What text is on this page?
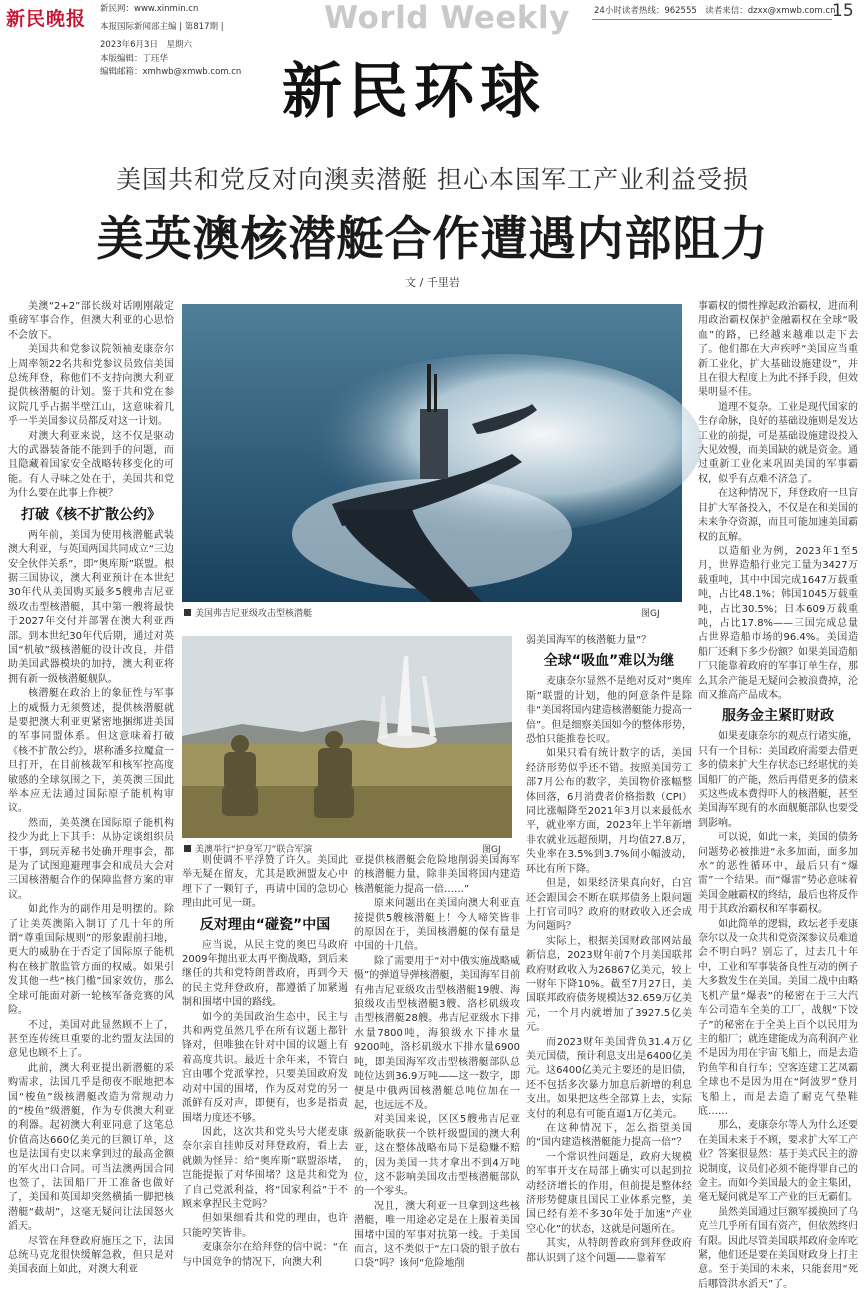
新民晚报	新民网：www.xinmin.cn
本报国际新闻部主编 | 第817期 |
2023年6月3日　星期六
本版编辑：丁珏华
编辑邮箱：xmhwb@xmwb.com.cn
World Weekly	24小时读者热线：962555　读者来信：dzxx@xmwb.com.cn
15
新民环球
美国共和党反对向澳卖潜艇 担心本国军工产业利益受损
美英澳核潜艇合作遭遇内部阻力
文 / 千里岩

美澳“2+2”部长级对话刚刚敲定重磅军事合作，但澳大利亚的心思恰不会放下。

美国共和党参议院领袖麦康奈尔上周率领22名共和党参议员致信美国总统拜登，称他们不支持向澳大利亚提供核潜艇的计划。鉴于共和党在参议院几乎占据半壁江山，这意味着几乎一半美国参议员都反对这一计划。

对澳大利亚来说，这不仅是驱动大的武器装备能不能到手的问题，而且隐藏着国家安全战略转移变化的可能。有人寻味之处在于，美国共和党为什么要在此事上作梗？

打破《核不扩散公约》

两年前，美国为使用核潜艇武装澳大利亚，与英国两国共同成立“三边安全伙伴关系”，即“奥库斯”联盟。根据三国协议，澳大利亚预计在本世纪30年代从美国购买最多5艘弗吉尼亚级攻击型核潜艇，其中第一艘将最快于2027年交付并部署在澳大利亚西部。到本世纪30年代后期，通过对英国“机敏”级核潜艇的设计改良，并借助美国武器模块的加持，澳大利亚将拥有新一级核潜艇舰队。

核潜艇在政治上的象征性与军事上的威慑力无须赘述，提供核潜艇就是要把澳大利亚更紧密地捆绑进美国的军事同盟体系。但这意味着打破《核不扩散公约》，堪称潘多拉魔盒一旦打开，在目前核裁军和核军控高度敏感的全球氛围之下，美英澳三国此举本应无法通过国际原子能机构审议。

然而，美英澳在国际原子能机构投少为此上下其手：从协定谈组织员干事，到玩弄秘书处确开理事会，都是为了试图迎避理事会和成员大会对三国核潜艇合作的保障监督方案的审议。

如此作为的副作用是明摆的。除了让美英澳陷入制订了几十年的所谓“尊重国际规则”的形象跟前扫地，更大的威胁在于否定了国际原子能机构在核扩散监管方面的权威。如果引发其他一些“核门槛”国家效仿，那么全球可能面对新一轮核军备竞赛的风险。

不过，美国对此显然顾不上了，甚至连传统旦重要的北约盟友法国的意见也顾不上了。

此前，澳大利亚提出新潜艇的采购需求，法国几乎是彻夜不眠地把本国“梭鱼”级核潜艇改造为常规动力的“梭鱼”级潜艇，作为专供澳大利亚的利器。起初澳大利亚同意了这笔总价值高达660亿美元的巨额订单，这也是法国有史以来拿到过的最高金额的军火出口合同。可当法澳两国合同也签了，法国船厂开工准备也做好了，美国和英国却突然横插一脚把核潜艇“截胡”，这毫无疑问让法国怒火滔天。

尽管在拜登政府施压之下，法国总统马克龙很快缓解急救，但只是对美国表面上如此，对澳大利亚

美国弗吉尼亚级攻击型核潜艇	图GJ
美澳举行“护身军刀”联合军演	图GJ

则使调不平浮赞了许久。美国此举无疑在留友，尤其是欧洲盟友心中埋下了一颗钉子，再请中国的急切心理由此可见一斑。

反对理由“碰瓷”中国

应当说，从民主党的奥巴马政府2009年抛出亚太再平衡战略，到后来继任的共和党特朗普政府，再到今天的民主党拜登政府，都遵循了加紧遏制和围堵中国的路线。

如今的美国政治生态中，民主与共和两党虽然几乎在所有议题上都针锋对，但唯独在针对中国的议题上有着高度共识。最近十余年来，不管白宫由哪个党派掌控，只要美国政府发动对中国的围堵，作为反对党的另一派鲜有反对声，即便有，也多是指责围堵力度还不够。

因此，这次共和党头号大佬麦康奈尔亲自挂帅反对拜登政府，看上去就颇为怪异：给“奥库斯”联盟添堵，岂能提振了对华围堵？这是共和党为了自己党派利益，将“国家利益”于不顾来拿捏民主党吗？

但如果细看共和党的理由，也许只能哼笑皆非。

麦康奈尔在给拜登的信中说：“在与中国竞争的情况下，向澳大利

亚提供核潜艇会危险地削弱美国海军的核潜艇力量，除非美国将国内建造核潜艇能力提高一倍……”

原来问题出在美国向澳大利亚直接提供5艘核潜艇上！今人啼笑皆非的原因在于，美国核潜艇的保有量是中国的十几倍。

除了需要用于“对中俄实施战略威慑”的弹道导弹核潜艇，美国海军目前有弗吉尼亚级攻击型核潜艇19艘、海狼级攻击型核潜艇3艘、洛杉矶级攻击型核潜艇28艘。弗吉尼亚级水下排水量7800吨，海狼级水下排水量9200吨，洛杉矶级水下排水量6900吨，即美国海军攻击型核潜艇部队总吨位达到36.9万吨——这一数字，即便是中俄两国核潜艇总吨位加在一起，也远远不及。

对美国来说，区区5艘弗吉尼亚级新能耿获一个铁杆级盟国的澳大利亚，这在整体战略布局下是稳赚不赔的，因为美国一共才拿出不到4万吨位，这不影响美国攻击型核潜艇部队的一个零头。

况且，澳大利亚一旦拿到这些核潜艇，唯一用途必定是在上服着美国围堵中国的军事对抗第一线。于美国而言，这不类似于“左口袋的银子放右口袋”吗？该何“危险地削

弱美国海军的核潜艇力量”？

全球“吸血”难以为继

麦康奈尔显然不是绝对反对“奥库斯”联盟的计划，他的阿意条件是除非“美国将国内建造核潜艇能力提高一倍”。但是细察美国如今的整体形势，恐怕只能推卷长叹。

如果只看有统计数字的话，美国经济形势似乎还不错。按照美国劳工部7月公布的数字，美国物价涨幅整体回落，6月消费者价格指数（CPI）同比涨幅降至2021年3月以来最低水平，就业率方面，2023年上半年新增非农就业远超预期，月均值27.8万，失业率在3.5%到3.7%间小幅波动，环比有所下降。

但是，如果经济果真向好，白宫还会跟国会不断在联邦债务上限问题上打官司吗？政府的财政收入还会成为问题吗？

实际上，根据美国财政部网站最新信息，2023财年前7个月美国联邦政府财政收入为26867亿美元，较上一财年下降10%。截至7月27日，美国联邦政府债务规模达32.659万亿美元，一个月内就增加了3927.5亿美元。

而2023财年美国背负31.4万亿美元国债，预计利息支出是6400亿美元。这6400亿美元主要还的是旧债，还不包括多次暴力加息后新增的利息支出。如果把这些全部算上去，实际支付的利息有可能直逼1万亿美元。

在这种情况下，怎么指望美国的“国内建造核潜艇能力提高一倍”？

一个常识性问题是，政府大规模的军事开支在局部上确实可以起到拉动经济增长的作用，但前提是整体经济形势健康且国民工业体系完整，美国已经有差不多30年处于加速“产业空心化”的状态，这就是问题所在。

其实，从特朗普政府到拜登政府都认识到了这个问题——靠着军

事霸权的惯性撑起政治霸权，进而利用政治霸权保护金融霸权在全球“吸血”的路，已经越来越难以走下去了。他们都在大声疾呼“美国应当重新工业化，扩大基础设施建设”，并且在很大程度上为此不择手段，但效果明显不佳。

道理不复杂。工业是现代国家的生存命脉，良好的基础设施则是发达工业的前提，可是基础设施建设投入大见效慢，而美国缺的就是资金。通过重新工业化来巩固美国的军事霸权，似乎有点难不济急了。

在这种情况下，拜登政府一旦盲目扩大军备投入，不仅是在和美国的未来争夺资源，而且可能加速美国霸权的瓦解。

以造船业为例，2023年1至5月，世界造船行业完工量为3427万载重吨，其中中国完成1647万载重吨，占比48.1%；韩国1045万载重吨，占比30.5%；日本609万载重吨，占比17.8%——三国完成总量占世界造船市场的96.4%。美国造船厂还剩下多少份额？如果美国造船厂只能靠着政府的军事订单生存，那么其余产能是无疑问会被浪费掉，沦而又推高产品成本。

服务金主紧盯财政

如果麦康奈尔的观点行诸实施，只有一个目标：美国政府需要去借更多的债来扩大生存状态已经堪忧的美国船厂的产能，然后再借更多的债来买这些成本费得吓人的核潜艇，甚至美国海军现有的水面舰艇部队也要受到影响。

可以说，如此一来，美国的债务问题势必被推进“永多加面，面多加水”的恶性循环中，最后只有“爆雷”一个结果。而“爆雷”势必意味着美国金融霸权的终结，最后也将反作用于其政治霸权和军事霸权。

如此简单的逻辑，政坛老手麦康奈尔以及一众共和党资深参议员难道会不明白吗？别忘了，过去几十年中，工业和军事装备良性互动的例子大多数发生在美国。美国二战中由略飞机产量“爆表”的秘密在于三大汽车公司造车全美的工厂，战舰“下饺子”的秘密在于全美上百个以民用为主的船厂；就连建能成为高利润产业不是因为用在宇宙飞船上，而是去造钓鱼竿和自行车；空客连建工艺凤霸全球也不是因为用在“阿波罗”登月飞船上，而是去造了耐克气垫鞋底……

那么，麦康奈尔等人为什么还要在美国未来于不顾，要求扩大军工产业？答案很显然：基于美式民主的游说制度，议员们必须不能得罪自己的金主。而如今美国最大的金主集团，毫无疑问就是军工产业的巨无霸们。

虽然美国通过巨额军援换回了乌克兰几乎所有国有资产，但依然终归有限。因此尽管美国联邦政府金库吃紧，他们还是要在美国财政身上打主意。至于美国的未来，只能套用“死后哪管洪水滔天”了。
